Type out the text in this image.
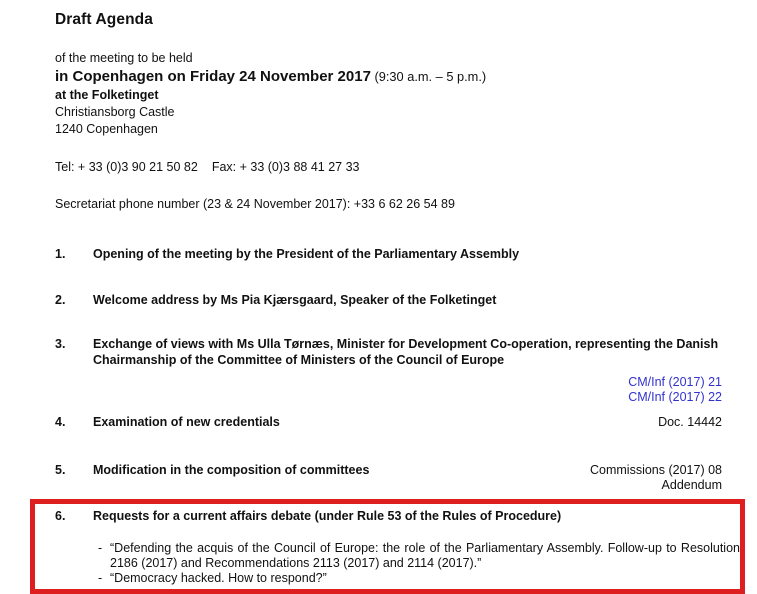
Draft Agenda
of the meeting to be held
in Copenhagen on Friday 24 November 2017 (9:30 a.m. – 5 p.m.)
at the Folketinget
Christiansborg Castle
1240 Copenhagen
Tel: + 33 (0)3 90 21 50 82 Fax: + 33 (0)3 88 41 27 33
Secretariat phone number (23 & 24 November 2017): +33 6 62 26 54 89
1.	Opening of the meeting by the President of the Parliamentary Assembly
2.	Welcome address by Ms Pia Kjærsgaard, Speaker of the Folketinget
3.	Exchange of views with Ms Ulla Tørnæs, Minister for Development Co-operation, representing the Danish Chairmanship of the Committee of Ministers of the Council of Europe
CM/Inf (2017) 21
CM/Inf (2017) 22
4.	Examination of new credentials	Doc. 14442
5.	Modification in the composition of committees	Commissions (2017) 08
Addendum
6.	Requests for a current affairs debate (under Rule 53 of the Rules of Procedure)
- “Defending the acquis of the Council of Europe: the role of the Parliamentary Assembly. Follow-up to Resolution 2186 (2017) and Recommendations 2113 (2017) and 2114 (2017).”
- “Democracy hacked. How to respond?”
